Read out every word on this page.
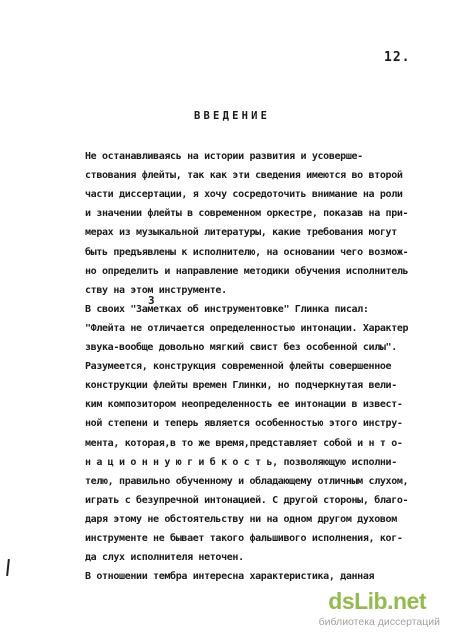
12.
ВВЕДЕНИЕ
Не останавливаясь на истории развития и усоверше-
ствования флейты, так как эти сведения имеются во второй
части диссертации, я хочу сосредоточить внимание на роли
и значении флейты в современном оркестре, показав на при-
мерах из музыкальной литературы, какие требования могут
быть предъявлены к исполнителю, на основании чего возмож-
но определить и направление методики обучения исполнитель
ству на этом инструменте.
В своих "Заметках об инструментовке" Глинка писал:
3
"Флейта не отличается определенностью интонации. Характер
звука-вообще довольно мягкий свист без особенной силы".
Разумеется, конструкция современной флейты совершенное
конструкции флейты времен Глинки, но подчеркнутая вели-
ким композитором неопределенность ее интонации в извест-
ной степени и теперь является особенностью этого инстру-
мента, которая,в то же время,представляет собой и н т о-
н а ц и о н н у ю г и б к о с т ь, позволяющую исполни-
телю, правильно обученному и обладающему отличным слухом,
играть с безупречной интонацией. С другой стороны, благо-
даря этому не обстоятельству ни на одном другом духовом
инструменте не бывает такого фальшивого исполнения, ког-
да слух исполнителя неточен.
В отношении тембра интересна характеристика, данная
dsLib.net
библиотека диссертаций
